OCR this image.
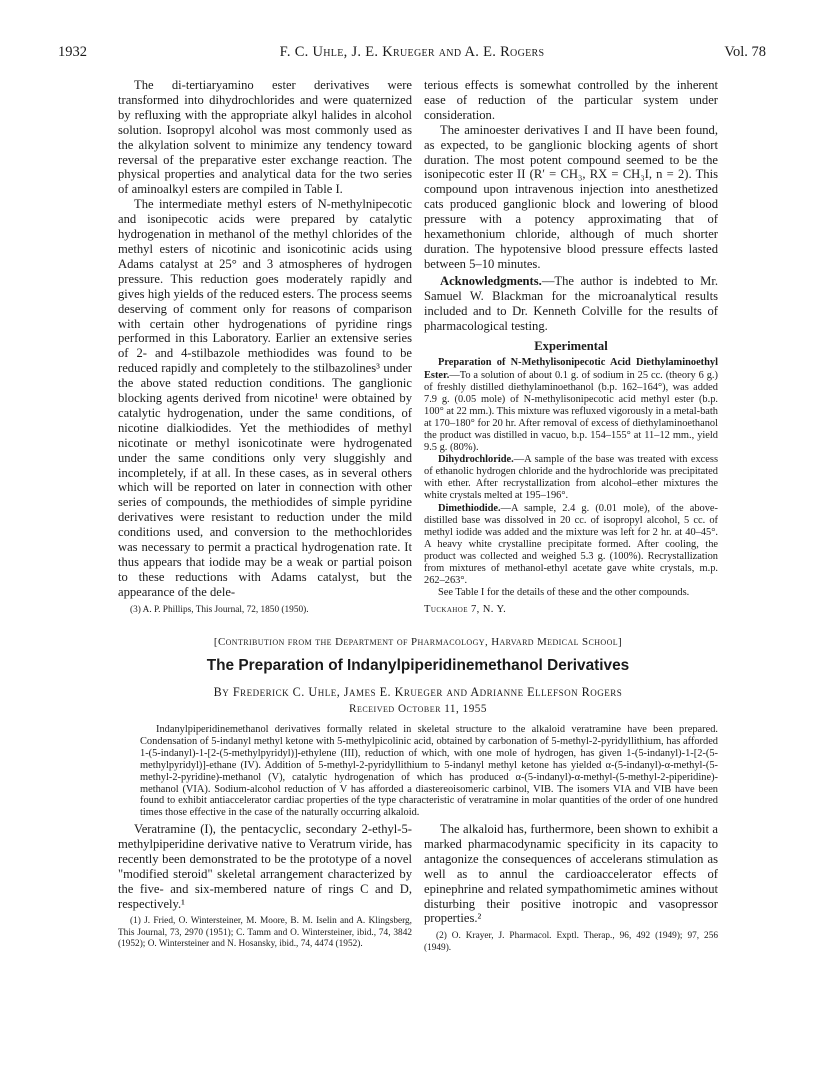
1932	F. C. Uhle, J. E. Krueger and A. E. Rogers	Vol. 78

The di-tertiaryamino ester derivatives were transformed into dihydrochlorides and were quaternized by refluxing with the appropriate alkyl halides in alcohol solution. Isopropyl alcohol was most commonly used as the alkylation solvent to minimize any tendency toward reversal of the preparative ester exchange reaction. The physical properties and analytical data for the two series of aminoalkyl esters are compiled in Table I.

The intermediate methyl esters of N-methylnipecotic and isonipecotic acids were prepared by catalytic hydrogenation in methanol of the methyl chlorides of the methyl esters of nicotinic and isonicotinic acids using Adams catalyst at 25° and 3 atmospheres of hydrogen pressure. This reduction goes moderately rapidly and gives high yields of the reduced esters. The process seems deserving of comment only for reasons of comparison with certain other hydrogenations of pyridine rings performed in this Laboratory. Earlier an extensive series of 2- and 4-stilbazole methiodides was found to be reduced rapidly and completely to the stilbazolines³ under the above stated reduction conditions. The ganglionic blocking agents derived from nicotine¹ were obtained by catalytic hydrogenation, under the same conditions, of nicotine dialkiodides. Yet the methiodides of methyl nicotinate or methyl isonicotinate were hydrogenated under the same conditions only very sluggishly and incompletely, if at all. In these cases, as in several others which will be reported on later in connection with other series of compounds, the methiodides of simple pyridine derivatives were resistant to reduction under the mild conditions used, and conversion to the methochlorides was necessary to permit a practical hydrogenation rate. It thus appears that iodide may be a weak or partial poison to these reductions with Adams catalyst, but the appearance of the dele-

(3) A. P. Phillips, This Journal, 72, 1850 (1950).

terious effects is somewhat controlled by the inherent ease of reduction of the particular system under consideration.

The aminoester derivatives I and II have been found, as expected, to be ganglionic blocking agents of short duration. The most potent compound seemed to be the isonipecotic ester II (R′ = CH₃, RX = CH₃I, n = 2). This compound upon intravenous injection into anesthetized cats produced ganglionic block and lowering of blood pressure with a potency approximating that of hexamethonium chloride, although of much shorter duration. The hypotensive blood pressure effects lasted between 5–10 minutes.

Acknowledgments.—The author is indebted to Mr. Samuel W. Blackman for the microanalytical results included and to Dr. Kenneth Colville for the results of pharmacological testing.

Experimental

Preparation of N-Methylisonipecotic Acid Diethylaminoethyl Ester.—To a solution of about 0.1 g. of sodium in 25 cc. (theory 6 g.) of freshly distilled diethylaminoethanol (b.p. 162–164°), was added 7.9 g. (0.05 mole) of N-methylisonipecotic acid methyl ester (b.p. 100° at 22 mm.). This mixture was refluxed vigorously in a metal-bath at 170–180° for 20 hr. After removal of excess of diethylaminoethanol the product was distilled in vacuo, b.p. 154–155° at 11–12 mm., yield 9.5 g. (80%).

Dihydrochloride.—A sample of the base was treated with excess of ethanolic hydrogen chloride and the hydrochloride was precipitated with ether. After recrystallization from alcohol–ether mixtures the white crystals melted at 195–196°.

Dimethiodide.—A sample, 2.4 g. (0.01 mole), of the above-distilled base was dissolved in 20 cc. of isopropyl alcohol, 5 cc. of methyl iodide was added and the mixture was left for 2 hr. at 40–45°. A heavy white crystalline precipitate formed. After cooling, the product was collected and weighed 5.3 g. (100%). Recrystallization from mixtures of methanol-ethyl acetate gave white crystals, m.p. 262–263°.

See Table I for the details of these and the other compounds.

Tuckahoe 7, N. Y.
[Contribution from the Department of Pharmacology, Harvard Medical School]
The Preparation of Indanylpiperidinemethanol Derivatives
By Frederick C. Uhle, James E. Krueger and Adrianne Ellefson Rogers
Received October 11, 1955

Indanylpiperidinemethanol derivatives formally related in skeletal structure to the alkaloid veratramine have been prepared. Condensation of 5-indanyl methyl ketone with 5-methylpicolinic acid, obtained by carbonation of 5-methyl-2-pyridyllithium, has afforded 1-(5-indanyl)-1-[2-(5-methylpyridyl)]-ethylene (III), reduction of which, with one mole of hydrogen, has given 1-(5-indanyl)-1-[2-(5-methylpyridyl)]-ethane (IV). Addition of 5-methyl-2-pyridyllithium to 5-indanyl methyl ketone has yielded α-(5-indanyl)-α-methyl-(5-methyl-2-pyridine)-methanol (V), catalytic hydrogenation of which has produced α-(5-indanyl)-α-methyl-(5-methyl-2-piperidine)-methanol (VIA). Sodium-alcohol reduction of V has afforded a diastereoisomeric carbinol, VIB. The isomers VIA and VIB have been found to exhibit antiaccelerator cardiac properties of the type characteristic of veratramine in molar quantities of the order of one hundred times those effective in the case of the naturally occurring alkaloid.

Veratramine (I), the pentacyclic, secondary 2-ethyl-5-methylpiperidine derivative native to Veratrum viride, has recently been demonstrated to be the prototype of a novel "modified steroid" skeletal arrangement characterized by the five- and six-membered nature of rings C and D, respectively.¹

(1) J. Fried, O. Wintersteiner, M. Moore, B. M. Iselin and A. Klingsberg, This Journal, 73, 2970 (1951); C. Tamm and O. Wintersteiner, ibid., 74, 3842 (1952); O. Wintersteiner and N. Hosansky, ibid., 74, 4474 (1952).

The alkaloid has, furthermore, been shown to exhibit a marked pharmacodynamic specificity in its capacity to antagonize the consequences of accelerans stimulation as well as to annul the cardioaccelerator effects of epinephrine and related sympathomimetic amines without disturbing their positive inotropic and vasopressor properties.²

(2) O. Krayer, J. Pharmacol. Exptl. Therap., 96, 492 (1949); 97, 256 (1949).
